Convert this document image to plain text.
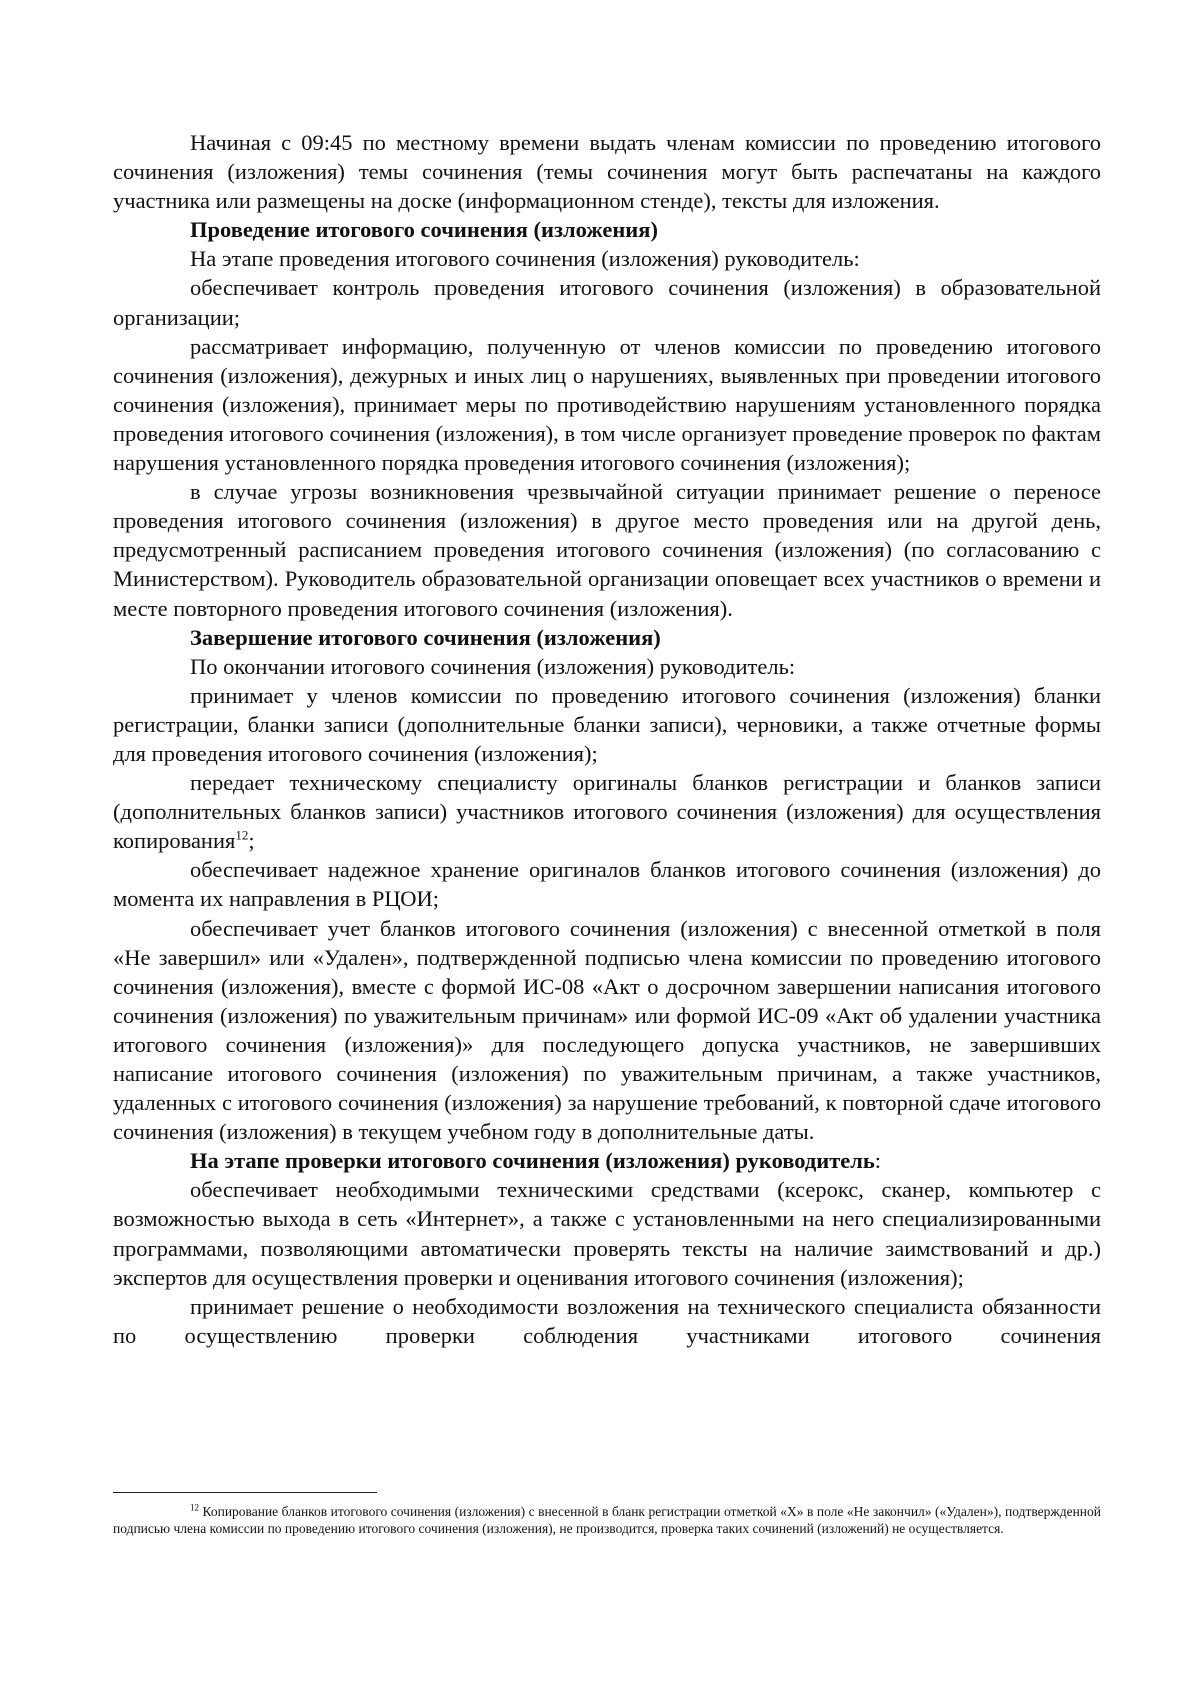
Начиная с 09:45 по местному времени выдать членам комиссии по проведению итогового сочинения (изложения) темы сочинения (темы сочинения могут быть распечатаны на каждого участника или размещены на доске (информационном стенде), тексты для изложения.

Проведение итогового сочинения (изложения)

На этапе проведения итогового сочинения (изложения) руководитель:

обеспечивает контроль проведения итогового сочинения (изложения) в образовательной организации;

рассматривает информацию, полученную от членов комиссии по проведению итогового сочинения (изложения), дежурных и иных лиц о нарушениях, выявленных при проведении итогового сочинения (изложения), принимает меры по противодействию нарушениям установленного порядка проведения итогового сочинения (изложения), в том числе организует проведение проверок по фактам нарушения установленного порядка проведения итогового сочинения (изложения);

в случае угрозы возникновения чрезвычайной ситуации принимает решение о переносе проведения итогового сочинения (изложения) в другое место проведения или на другой день, предусмотренный расписанием проведения итогового сочинения (изложения) (по согласованию с Министерством). Руководитель образовательной организации оповещает всех участников о времени и месте повторного проведения итогового сочинения (изложения).

Завершение итогового сочинения (изложения)

По окончании итогового сочинения (изложения) руководитель:

принимает у членов комиссии по проведению итогового сочинения (изложения) бланки регистрации, бланки записи (дополнительные бланки записи), черновики, а также отчетные формы для проведения итогового сочинения (изложения);

передает техническому специалисту оригиналы бланков регистрации и бланков записи (дополнительных бланков записи) участников итогового сочинения (изложения) для осуществления копирования$^{12}$;

обеспечивает надежное хранение оригиналов бланков итогового сочинения (изложения) до момента их направления в РЦОИ;

обеспечивает учет бланков итогового сочинения (изложения) с внесенной отметкой в поля «Не завершил» или «Удален», подтвержденной подписью члена комиссии по проведению итогового сочинения (изложения), вместе с формой ИС-08 «Акт о досрочном завершении написания итогового сочинения (изложения) по уважительным причинам» или формой ИС-09 «Акт об удалении участника итогового сочинения (изложения)» для последующего допуска участников, не завершивших написание итогового сочинения (изложения) по уважительным причинам, а также участников, удаленных с итогового сочинения (изложения) за нарушение требований, к повторной сдаче итогового сочинения (изложения) в текущем учебном году в дополнительные даты.

На этапе проверки итогового сочинения (изложения) руководитель:

обеспечивает необходимыми техническими средствами (ксерокс, сканер, компьютер с возможностью выхода в сеть «Интернет», а также с установленными на него специализированными программами, позволяющими автоматически проверять тексты на наличие заимствований и др.) экспертов для осуществления проверки и оценивания итогового сочинения (изложения);

принимает решение о необходимости возложения на технического специалиста обязанности по осуществлению проверки соблюдения участниками итогового сочинения

$^{12}$ Копирование бланков итогового сочинения (изложения) с внесенной в бланк регистрации отметкой «Х» в поле «Не закончил» («Удален»), подтвержденной подписью члена комиссии по проведению итогового сочинения (изложения), не производится, проверка таких сочинений (изложений) не осуществляется.
